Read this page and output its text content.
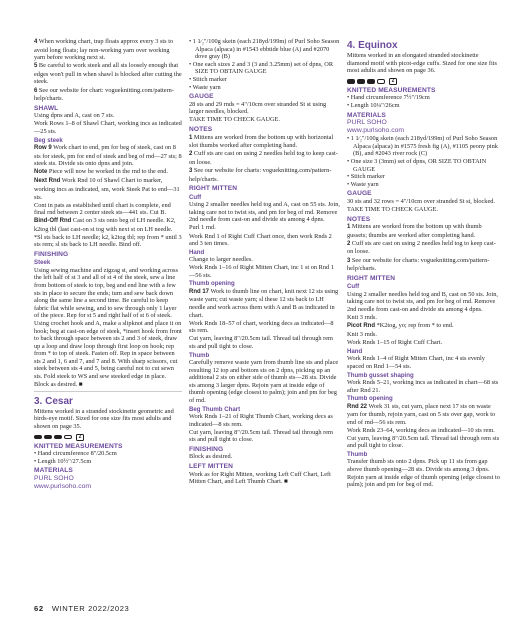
4 When working chart, trap floats approx every 3 sts to avoid long floats; lay non-working yarn over working yarn before working next st.
5 Be careful to work steek and all sts loosely enough that edges won't pull in when shawl is blocked after cutting the steek.
6 See our website for chart: vogueknitting.com/pattern-help/charts.
SHAWL
Using dpns and A, cast on 7 sts.
Work Rows 1–8 of Shawl Chart, working incs as indicated—25 sts.
Beg steek
Row 9 Work chart to end, pm for beg of steek, cast on 8 sts for steek, pm for end of steek and beg of rnd—27 sts; 8 steek sts. Divide sts onto dpns and join.
Note Piece will now be worked in the rnd to the end.
Next Rnd Work Rnd 10 of Shawl Chart to marker, working incs as indicated, sm, work Steek Pat to end—31 sts.
Cont in pats as established until chart is complete, end final rnd between 2 center steek sts—441 sts. Cut B.
Bind-Off Rnd Cast on 3 sts onto beg of LH needle. K2, k2tog tbl (last cast-on st tog with next st on LH needle. *Sl sts back to LH needle; k2, k2tog tbl; rep from * until 3 sts rem; sl sts back to LH needle. Bind off.
FINISHING
Steek
Using sewing machine and zigzag st, and working across the left half of st 3 and all of st 4 of the steek, sew a line from bottom of steek to top, beg and end line with a few sts in place to secure the ends; turn and sew back down along the same line a second time. Be careful to keep fabric flat while sewing, and to sew through only 1 layer of the piece. Rep for st 5 and right half of st 6 of steek. Using crochet hook and A, make a slipknot and place it on hook; beg at cast-on edge of steek, *insert hook from front to back through space between sts 2 and 3 of steek, draw up a loop and draw loop through first loop on hook; rep from * to top of steek. Fasten off. Rep in space between sts 2 and 1, 6 and 7, and 7 and 8. With sharp scissors, cut steek between sts 4 and 5, being careful not to cut sewn sts. Fold steek to WS and sew steeked edge in place.
Block as desired. ■
3. Cesar
Mittens worked in a stranded stockinette geometric and birds-eye motif. Sized for one size fits most adults and shown on page 35.
2
KNITTED MEASUREMENTS
• Hand circumference 8"/20.5cm
• Length 10½"/27.5cm
MATERIALS
PURL SOHO
www.purlsoho.com
• 1 1⁄₂"/100g skein (each 218yd/199m) of Purl Soho Season Alpaca (alpaca) in #1543 ebbtide blue (A) and #2070 dove gray (B)
• One each sizes 2 and 3 (3 and 3.25mm) set of dpns, OR SIZE TO OBTAIN GAUGE
• Stitch marker
• Waste yarn
GAUGE
28 sts and 29 rnds = 4"/10cm over stranded St st using larger needles, blocked.
TAKE TIME TO CHECK GAUGE.
NOTES
1 Mittens are worked from the bottom up with horizontal slot thumbs worked after completing hand.
2 Cuff sts are cast on using 2 needles held tog to keep cast-on loose.
3 See our website for charts: vogueknitting.com/pattern-help/charts.
RIGHT MITTEN
Cuff
Using 2 smaller needles held tog and A, cast on 55 sts. Join, taking care not to twist sts, and pm for beg of rnd. Remove 2nd needle from cast-on and divide sts among 4 dpns.
Purl 1 rnd.
Work Rnd 1 of Right Cuff Chart once, then work Rnds 2 and 3 ten times.
Hand
Change to larger needles.
Work Rnds 1–16 of Right Mitten Chart, inc 1 st on Rnd 1—56 sts.
Thumb opening
Rnd 17 Work to thumb line on chart, knit next 12 sts using waste yarn; cut waste yarn; sl these 12 sts back to LH needle and work across them with A and B as indicated in chart.
Work Rnds 18–57 of chart, working decs as indicated—8 sts rem.
Cut yarn, leaving 8"/20.5cm tail. Thread tail through rem sts and pull tight to close.
Thumb
Carefully remove waste yarn from thumb line sts and place resulting 12 top and bottom sts on 2 dpns, picking up an additional 2 sts on either side of thumb sts—28 sts. Divide sts among 3 larger dpns. Rejoin yarn at inside edge of thumb opening (edge closest to palm); join and pm for beg of rnd.
Beg Thumb Chart
Work Rnds 1–21 of Right Thumb Chart, working decs as indicated—8 sts rem.
Cut yarn, leaving 8"/20.5cm tail. Thread tail through rem sts and pull tight to close.
FINISHING
Block as desired.
LEFT MITTEN
Work as for Right Mitten, working Left Cuff Chart, Left Mitten Chart, and Left Thumb Chart. ■
4. Equinox
Mittens worked in an elongated stranded stockinette diamond motif with picot-edge cuffs. Sized for one size fits most adults and shown on page 36.
2
KNITTED MEASUREMENTS
• Hand circumference 7½"/19cm
• Length 10¼"/26cm
MATERIALS
PURL SOHO
www.purlsoho.com
• 1 1⁄₂"/100g skein (each 218yd/199m) of Purl Soho Season Alpaca (alpaca) in #1575 fresh fig (A), #1105 peony pink (B), and #2043 river rock (C)
• One size 3 (3mm) set of dpns, OR SIZE TO OBTAIN GAUGE
• Stitch marker
• Waste yarn
GAUGE
30 sts and 32 rows = 4"/10cm over stranded St st, blocked.
TAKE TIME TO CHECK GAUGE.
NOTES
1 Mittens are worked from the bottom up with thumb gussets; thumbs are worked after completing hand.
2 Cuff sts are cast on using 2 needles held tog to keep cast-on loose.
3 See our website for charts: vogueknitting.com/pattern-help/charts.
RIGHT MITTEN
Cuff
Using 2 smaller needles held tog and B, cast on 50 sts. Join, taking care not to twist sts, and pm for beg of rnd. Remove 2nd needle from cast-on and divide sts among 4 dpns.
Knit 3 rnds.
Picot Rnd *K2tog, yo; rep from * to end.
Knit 3 rnds.
Work Rnds 1–15 of Right Cuff Chart.
Hand
Work Rnds 1–4 of Right Mitten Chart, inc 4 sts evenly spaced on Rnd 1—54 sts.
Thumb gusset shaping
Work Rnds 5–21, working incs as indicated in chart—68 sts after Rnd 21.
Thumb opening
Rnd 22 Work 31 sts, cut yarn, place next 17 sts on waste yarn for thumb, rejoin yarn, cast on 5 sts over gap, work to end of rnd—56 sts rem.
Work Rnds 23–64, working decs as indicated—10 sts rem.
Cut yarn, leaving 8"/20.5cm tail. Thread tail through rem sts and pull tight to close.
Thumb
Transfer thumb sts onto 2 dpns. Pick up 11 sts from gap above thumb opening—28 sts. Divide sts among 3 dpns. Rejoin yarn at inside edge of thumb opening (edge closest to palm); join and pm for beg of rnd.
62 WINTER 2022/2023
